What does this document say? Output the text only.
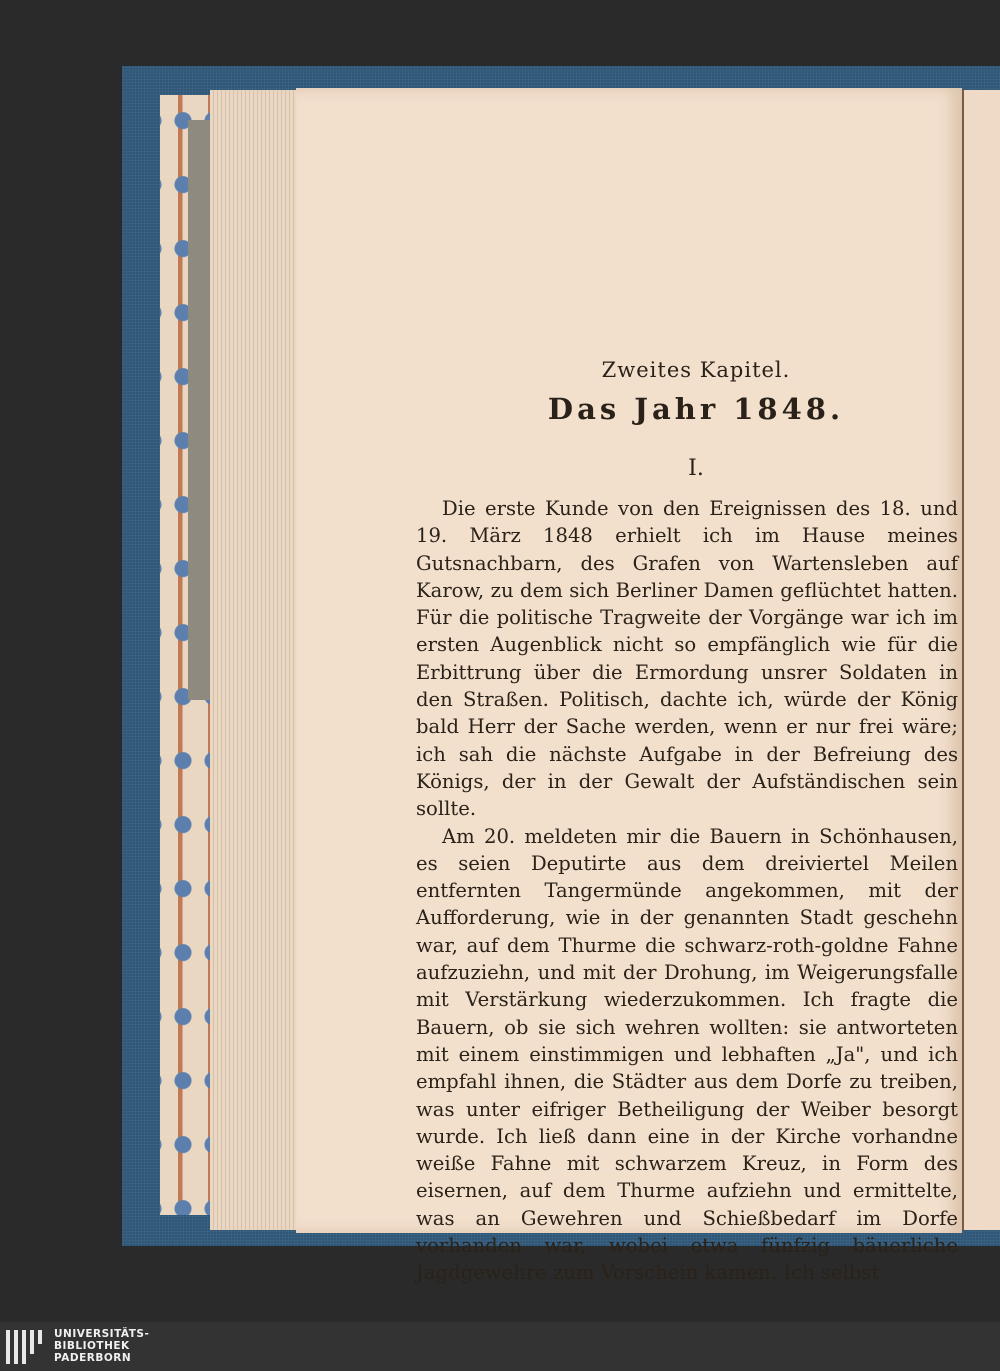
Zweites Kapitel.
Das Jahr 1848.
I.

Die erste Kunde von den Ereignissen des 18. und 19. März 1848 erhielt ich im Hause meines Gutsnachbarn, des Grafen von Wartensleben auf Karow, zu dem sich Berliner Damen geflüchtet hatten. Für die politische Tragweite der Vorgänge war ich im ersten Augenblick nicht so empfänglich wie für die Erbittrung über die Ermordung unsrer Soldaten in den Straßen. Politisch, dachte ich, würde der König bald Herr der Sache werden, wenn er nur frei wäre; ich sah die nächste Aufgabe in der Befreiung des Königs, der in der Gewalt der Aufständischen sein sollte.

Am 20. meldeten mir die Bauern in Schönhausen, es seien Deputirte aus dem dreiviertel Meilen entfernten Tangermünde angekommen, mit der Aufforderung, wie in der genannten Stadt geschehn war, auf dem Thurme die schwarz-roth-goldne Fahne aufzuziehn, und mit der Drohung, im Weigerungsfalle mit Verstärkung wiederzukommen. Ich fragte die Bauern, ob sie sich wehren wollten: sie antworteten mit einem einstimmigen und lebhaften „Ja", und ich empfahl ihnen, die Städter aus dem Dorfe zu treiben, was unter eifriger Betheiligung der Weiber besorgt wurde. Ich ließ dann eine in der Kirche vorhandne weiße Fahne mit schwarzem Kreuz, in Form des eisernen, auf dem Thurme aufziehn und ermittelte, was an Gewehren und Schießbedarf im Dorfe vorhanden war, wobei etwa fünfzig bäuerliche Jagdgewehre zum Vorschein kamen. Ich selbst

UNIVERSITÄTS-
BIBLIOTHEK
PADERBORN
